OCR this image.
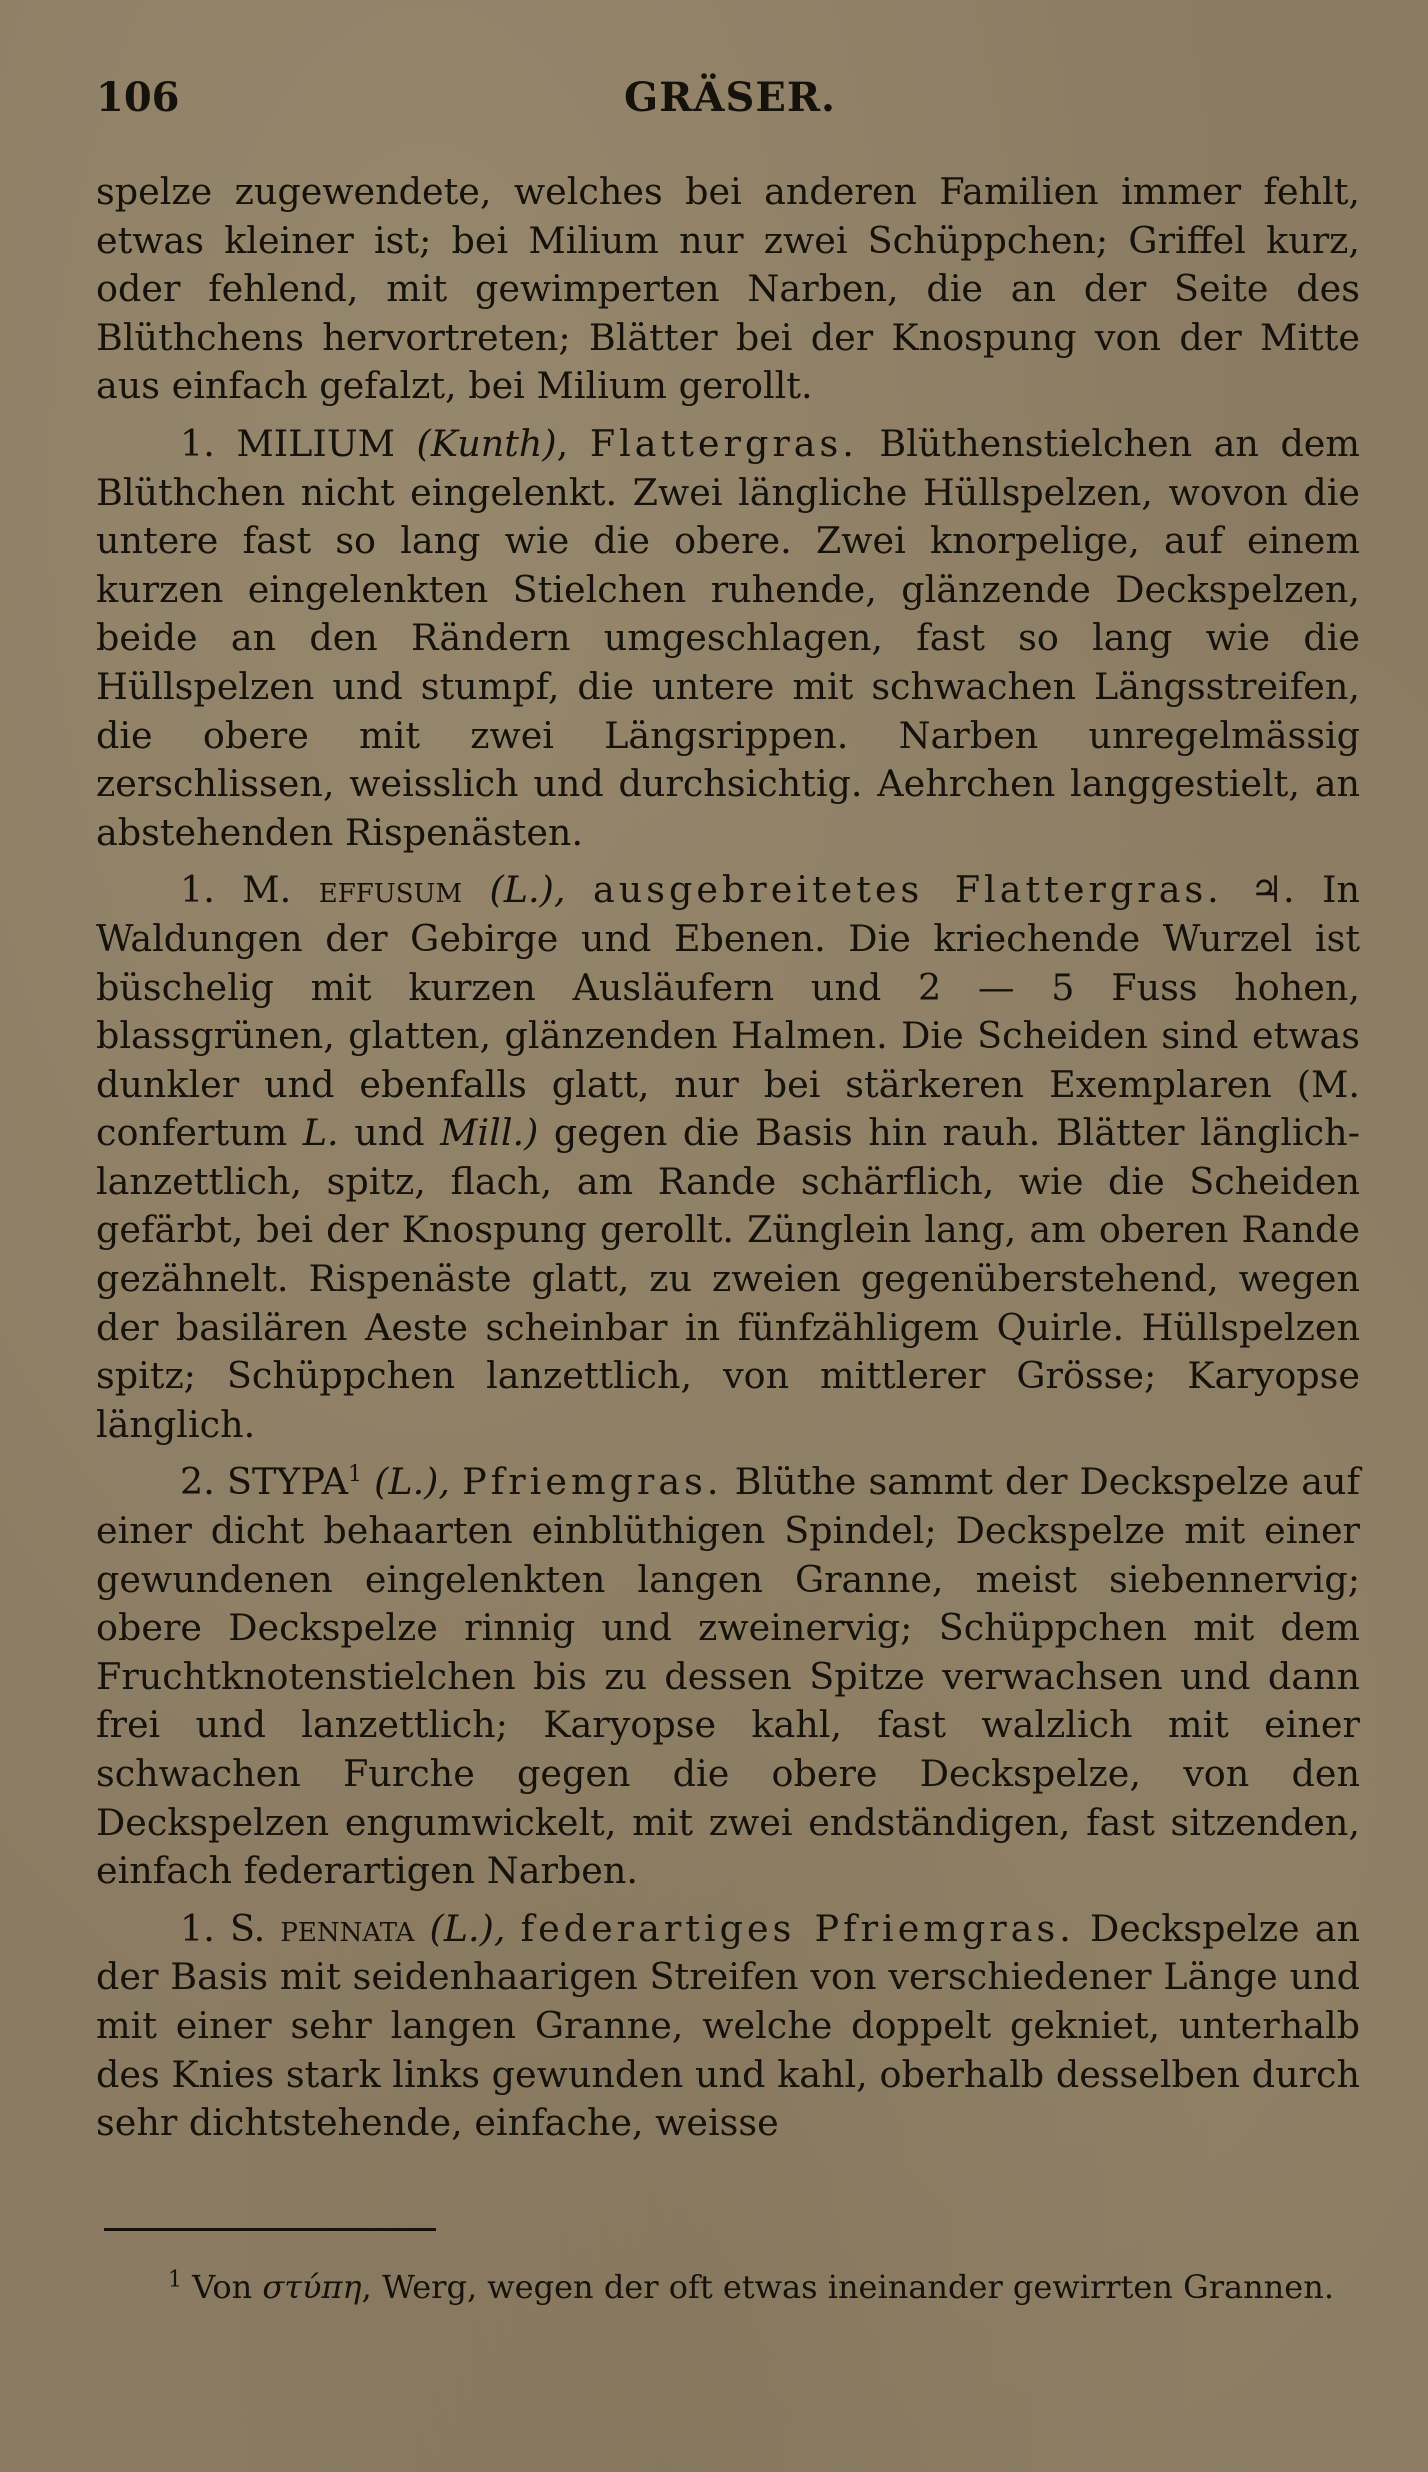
106	GRÄSER.

spelze zugewendete, welches bei anderen Familien immer fehlt, etwas kleiner ist; bei Milium nur zwei Schüppchen; Griffel kurz, oder fehlend, mit gewimperten Narben, die an der Seite des Blüthchens hervortreten; Blätter bei der Knospung von der Mitte aus einfach gefalzt, bei Milium gerollt.

1. MILIUM (Kunth), Flattergras. Blüthenstielchen an dem Blüthchen nicht eingelenkt. Zwei längliche Hüllspelzen, wovon die untere fast so lang wie die obere. Zwei knorpelige, auf einem kurzen eingelenkten Stielchen ruhende, glänzende Deckspelzen, beide an den Rändern umgeschlagen, fast so lang wie die Hüllspelzen und stumpf, die untere mit schwachen Längsstreifen, die obere mit zwei Längsrippen. Narben unregelmässig zerschlissen, weisslich und durchsichtig. Aehrchen langgestielt, an abstehenden Rispenästen.

1. M. effusum (L.), ausgebreitetes Flattergras. ♃. In Waldungen der Gebirge und Ebenen. Die kriechende Wurzel ist büschelig mit kurzen Ausläufern und 2 — 5 Fuss hohen, blassgrünen, glatten, glänzenden Halmen. Die Scheiden sind etwas dunkler und ebenfalls glatt, nur bei stärkeren Exemplaren (M. confertum L. und Mill.) gegen die Basis hin rauh. Blätter länglich-lanzettlich, spitz, flach, am Rande schärflich, wie die Scheiden gefärbt, bei der Knospung gerollt. Zünglein lang, am oberen Rande gezähnelt. Rispenäste glatt, zu zweien gegenüberstehend, wegen der basilären Aeste scheinbar in fünfzähligem Quirle. Hüllspelzen spitz; Schüppchen lanzettlich, von mittlerer Grösse; Karyopse länglich.

2. STYPA$^1$ (L.), Pfriemgras. Blüthe sammt der Deckspelze auf einer dicht behaarten einblüthigen Spindel; Deckspelze mit einer gewundenen eingelenkten langen Granne, meist siebennervig; obere Deckspelze rinnig und zweinervig; Schüppchen mit dem Fruchtknotenstielchen bis zu dessen Spitze verwachsen und dann frei und lanzettlich; Karyopse kahl, fast walzlich mit einer schwachen Furche gegen die obere Deckspelze, von den Deckspelzen engumwickelt, mit zwei endständigen, fast sitzenden, einfach federartigen Narben.

1. S. pennata (L.), federartiges Pfriemgras. Deckspelze an der Basis mit seidenhaarigen Streifen von verschiedener Länge und mit einer sehr langen Granne, welche doppelt gekniet, unterhalb des Knies stark links gewunden und kahl, oberhalb desselben durch sehr dichtstehende, einfache, weisse

$^1$ Von στύπη, Werg, wegen der oft etwas ineinander gewirrten Grannen.
